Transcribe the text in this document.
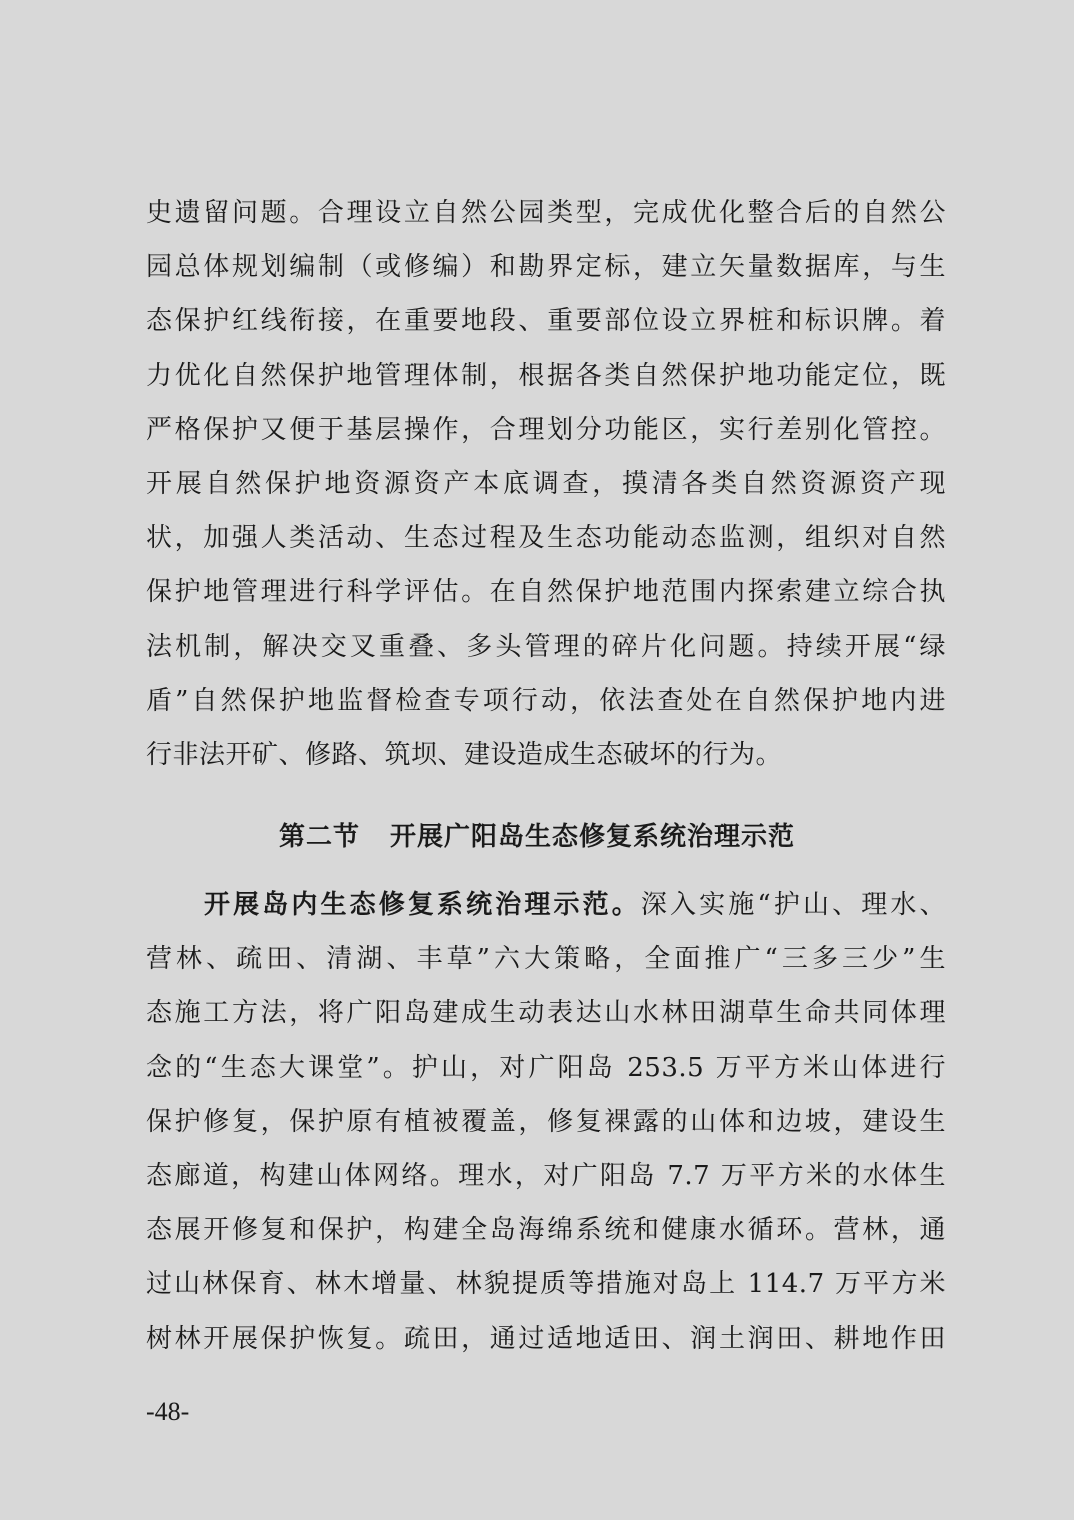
史遗留问题。合理设立自然公园类型，完成优化整合后的自然公
园总体规划编制（或修编）和勘界定标，建立矢量数据库，与生
态保护红线衔接，在重要地段、重要部位设立界桩和标识牌。着
力优化自然保护地管理体制，根据各类自然保护地功能定位，既
严格保护又便于基层操作，合理划分功能区，实行差别化管控。
开展自然保护地资源资产本底调查，摸清各类自然资源资产现
状，加强人类活动、生态过程及生态功能动态监测，组织对自然
保护地管理进行科学评估。在自然保护地范围内探索建立综合执
法机制，解决交叉重叠、多头管理的碎片化问题。持续开展“绿
盾”自然保护地监督检查专项行动，依法查处在自然保护地内进
行非法开矿、修路、筑坝、建设造成生态破坏的行为。
第二节 开展广阳岛生态修复系统治理示范
开展岛内生态修复系统治理示范。深入实施“护山、理水、
营林、疏田、清湖、丰草”六大策略，全面推广“三多三少”生
态施工方法，将广阳岛建成生动表达山水林田湖草生命共同体理
念的“生态大课堂”。护山，对广阳岛 253.5 万平方米山体进行
保护修复，保护原有植被覆盖，修复裸露的山体和边坡，建设生
态廊道，构建山体网络。理水，对广阳岛 7.7 万平方米的水体生
态展开修复和保护，构建全岛海绵系统和健康水循环。营林，通
过山林保育、林木增量、林貌提质等措施对岛上 114.7 万平方米
树林开展保护恢复。疏田，通过适地适田、润土润田、耕地作田
-48-
